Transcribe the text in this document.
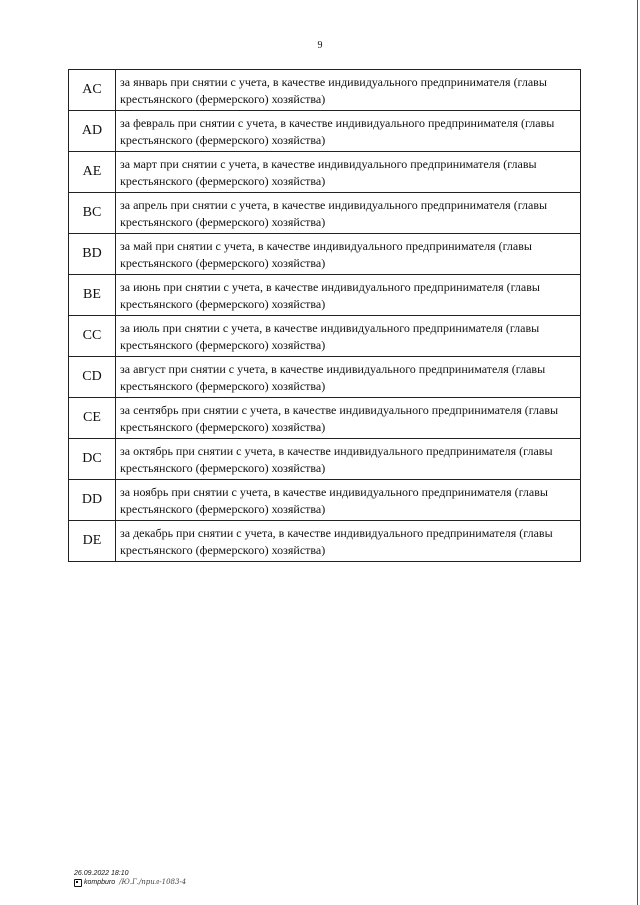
9
AC	за январь при снятии с учета, в качестве индивидуального предпринимателя (главы крестьянского (фермерского) хозяйства)
AD	за февраль при снятии с учета, в качестве индивидуального предпринимателя (главы крестьянского (фермерского) хозяйства)
AE	за март при снятии с учета, в качестве индивидуального предпринимателя (главы крестьянского (фермерского) хозяйства)
BC	за апрель при снятии с учета, в качестве индивидуального предпринимателя (главы крестьянского (фермерского) хозяйства)
BD	за май при снятии с учета, в качестве индивидуального предпринимателя (главы крестьянского (фермерского) хозяйства)
BE	за июнь при снятии с учета, в качестве индивидуального предпринимателя (главы крестьянского (фермерского) хозяйства)
CC	за июль при снятии с учета, в качестве индивидуального предпринимателя (главы крестьянского (фермерского) хозяйства)
CD	за август при снятии с учета, в качестве индивидуального предпринимателя (главы крестьянского (фермерского) хозяйства)
CE	за сентябрь при снятии с учета, в качестве индивидуального предпринимателя (главы крестьянского (фермерского) хозяйства)
DC	за октябрь при снятии с учета, в качестве индивидуального предпринимателя (главы крестьянского (фермерского) хозяйства)
DD	за ноябрь при снятии с учета, в качестве индивидуального предпринимателя (главы крестьянского (фермерского) хозяйства)
DE	за декабрь при снятии с учета, в качестве индивидуального предпринимателя (главы крестьянского (фермерского) хозяйства)
26.09.2022 18:10
kompburo /Ю.Г./прил-1083-4
